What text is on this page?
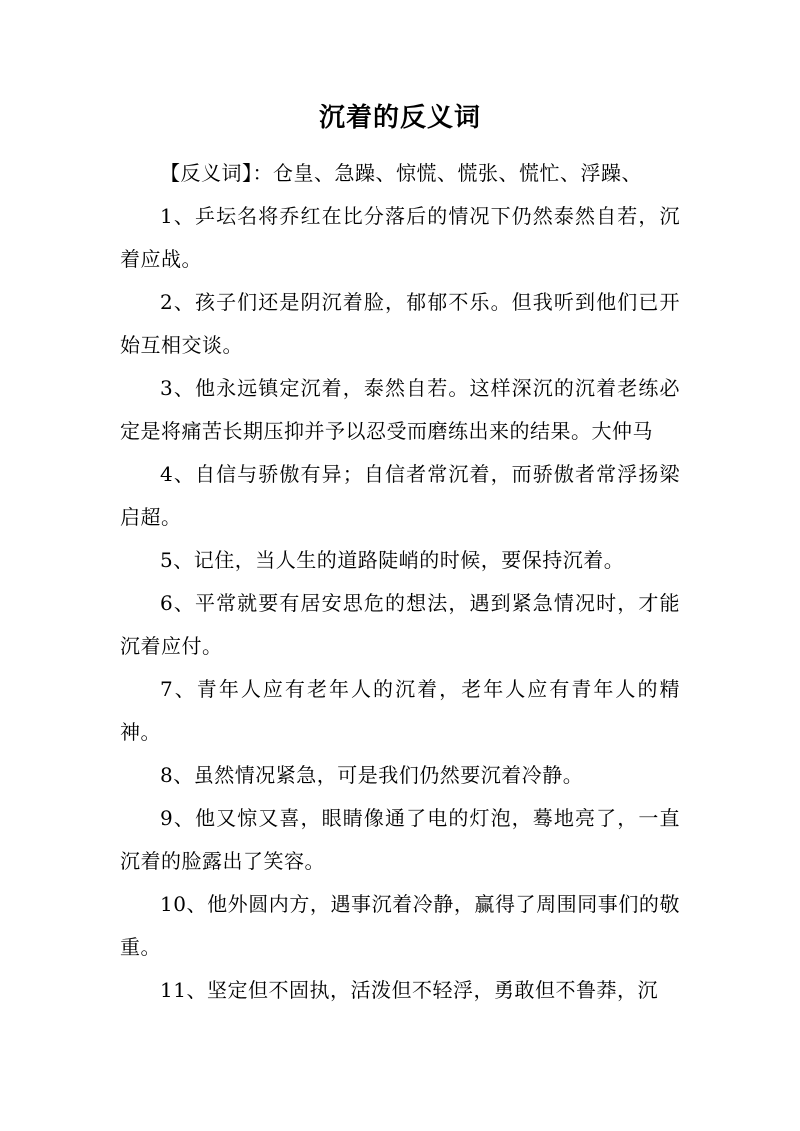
沉着的反义词

【反义词】：仓皇、急躁、惊慌、慌张、慌忙、浮躁、

1、乒坛名将乔红在比分落后的情况下仍然泰然自若，沉着应战。

2、孩子们还是阴沉着脸，郁郁不乐。但我听到他们已开始互相交谈。

3、他永远镇定沉着，泰然自若。这样深沉的沉着老练必定是将痛苦长期压抑并予以忍受而磨练出来的结果。大仲马

4、自信与骄傲有异；自信者常沉着，而骄傲者常浮扬梁启超。

5、记住，当人生的道路陡峭的时候，要保持沉着。

6、平常就要有居安思危的想法，遇到紧急情况时，才能沉着应付。

7、青年人应有老年人的沉着，老年人应有青年人的精神。

8、虽然情况紧急，可是我们仍然要沉着冷静。

9、他又惊又喜，眼睛像通了电的灯泡，蓦地亮了，一直沉着的脸露出了笑容。

10、他外圆内方，遇事沉着冷静，赢得了周围同事们的敬重。

11、坚定但不固执，活泼但不轻浮，勇敢但不鲁莽，沉
